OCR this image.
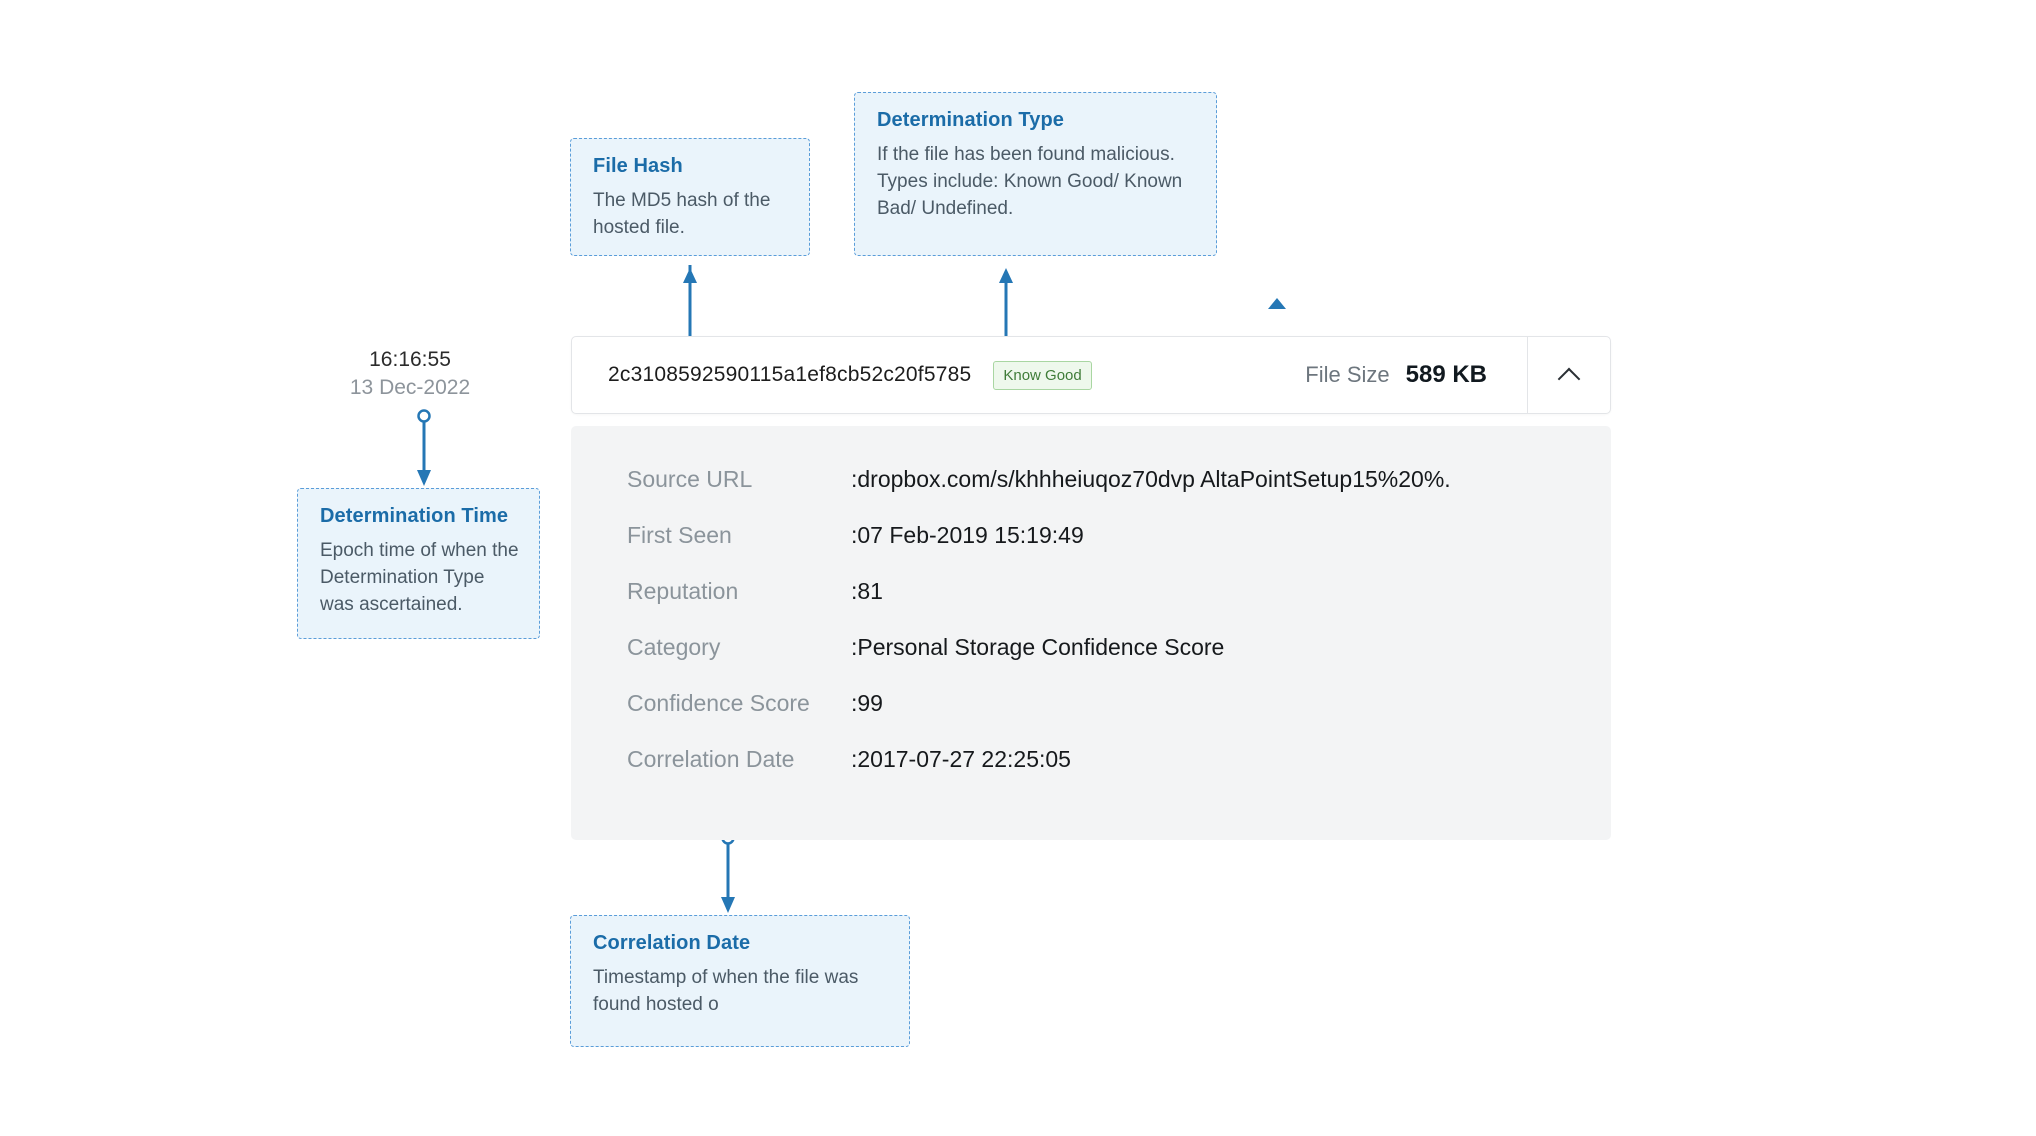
File Hash

The MD5 hash of the hosted file.

Determination Type

If the file has been found malicious. Types include: Known Good/ Known Bad/ Undefined.

Determination Time

Epoch time of when the Determination Type was ascertained.

Correlation Date

Timestamp of when the file was found hosted o

16:16:55
13 Dec-2022
2c3108592590115a1ef8cb52c20f5785	Know Good	File Size 589 KB
Source URL	:dropbox.com/s/khhheiuqoz70dvp AltaPointSetup15%20%.
First Seen	:07 Feb-2019 15:19:49
Reputation	:81
Category	:Personal Storage Confidence Score
Confidence Score	:99
Correlation Date	:2017-07-27 22:25:05
